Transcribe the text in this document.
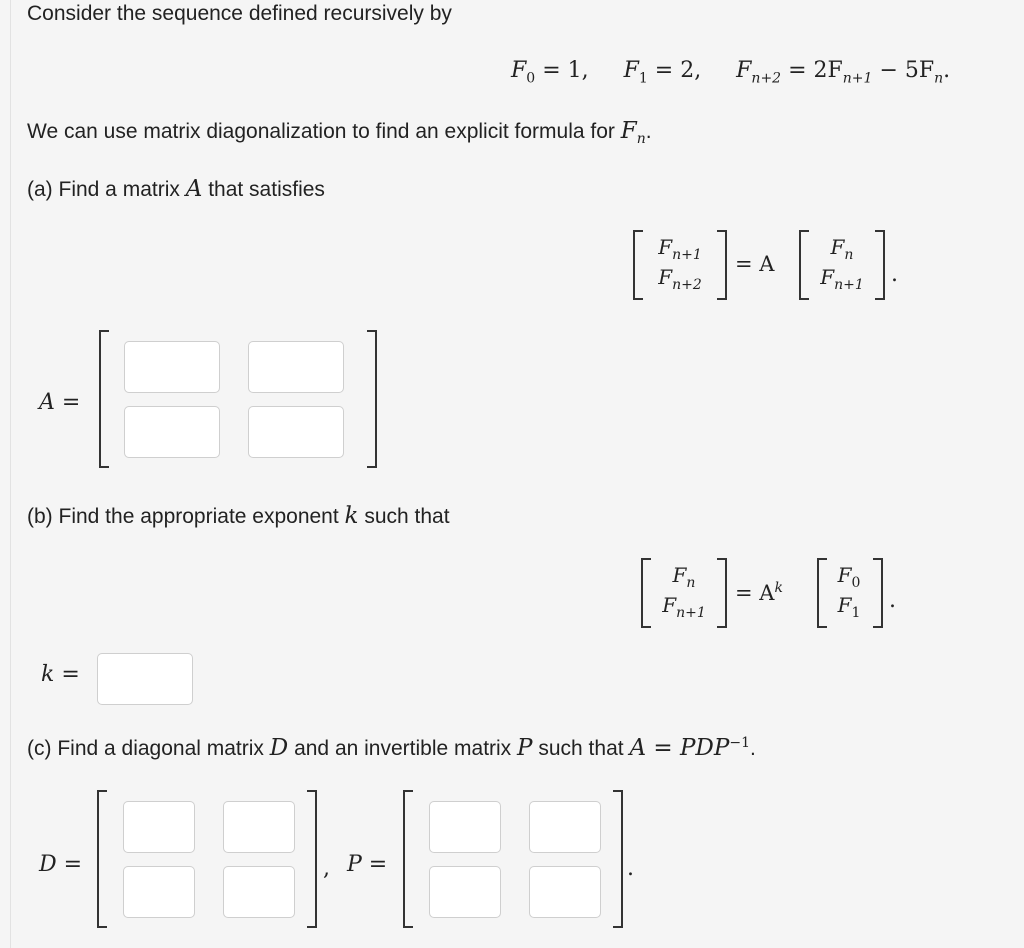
Consider the sequence defined recursively by
$F_0 = 1$, $F_1 = 2$, $F_{n+2} = 2F_{n+1} - 5F_n$.
We can use matrix diagonalization to find an explicit formula for $F_n$.
(a) Find a matrix A that satisfies
$F_{n+1}$
$F_{n+2}$
= A
$F_n$
$F_{n+1}$	.
A =
(b) Find the appropriate exponent k such that
$F_n$
$F_{n+1}$
= $A^k$
$F_0$
$F_1$	.
k =
(c) Find a diagonal matrix D and an invertible matrix P such that $A = PDP^{-1}$.
D =	, P =	.
